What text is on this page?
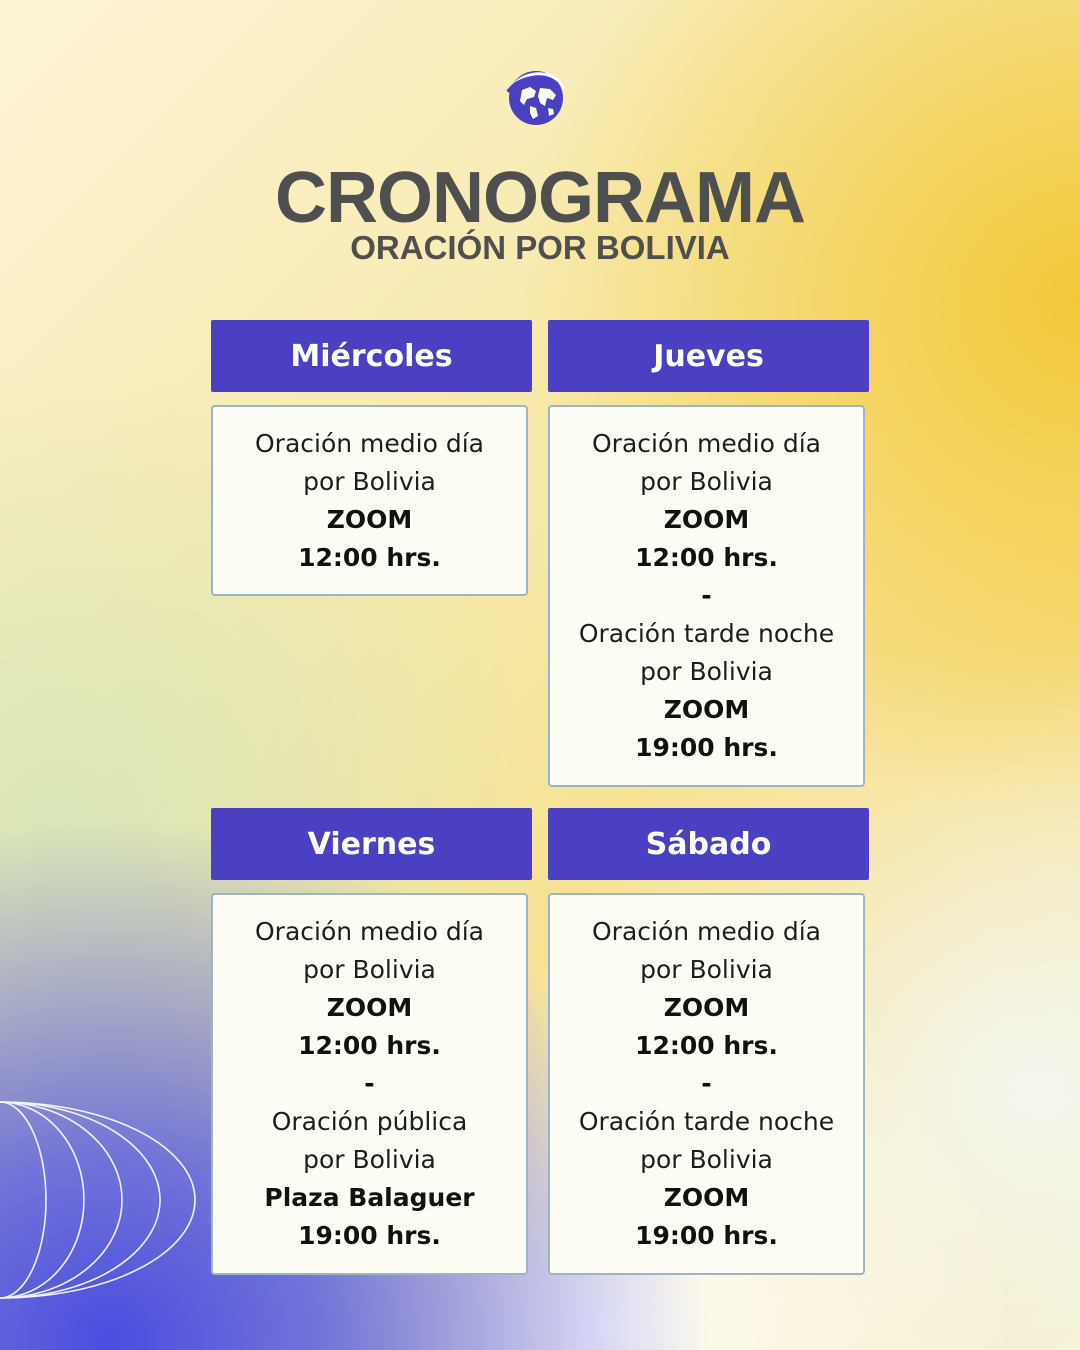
CRONOGRAMA
ORACIÓN POR BOLIVIA
Miércoles
Oración medio día
por Bolivia
ZOOM
12:00 hrs.
Jueves
Oración medio día
por Bolivia
ZOOM
12:00 hrs.
-
Oración tarde noche
por Bolivia
ZOOM
19:00 hrs.
Viernes
Oración medio día
por Bolivia
ZOOM
12:00 hrs.
-
Oración pública
por Bolivia
Plaza Balaguer
19:00 hrs.
Sábado
Oración medio día
por Bolivia
ZOOM
12:00 hrs.
-
Oración tarde noche
por Bolivia
ZOOM
19:00 hrs.
